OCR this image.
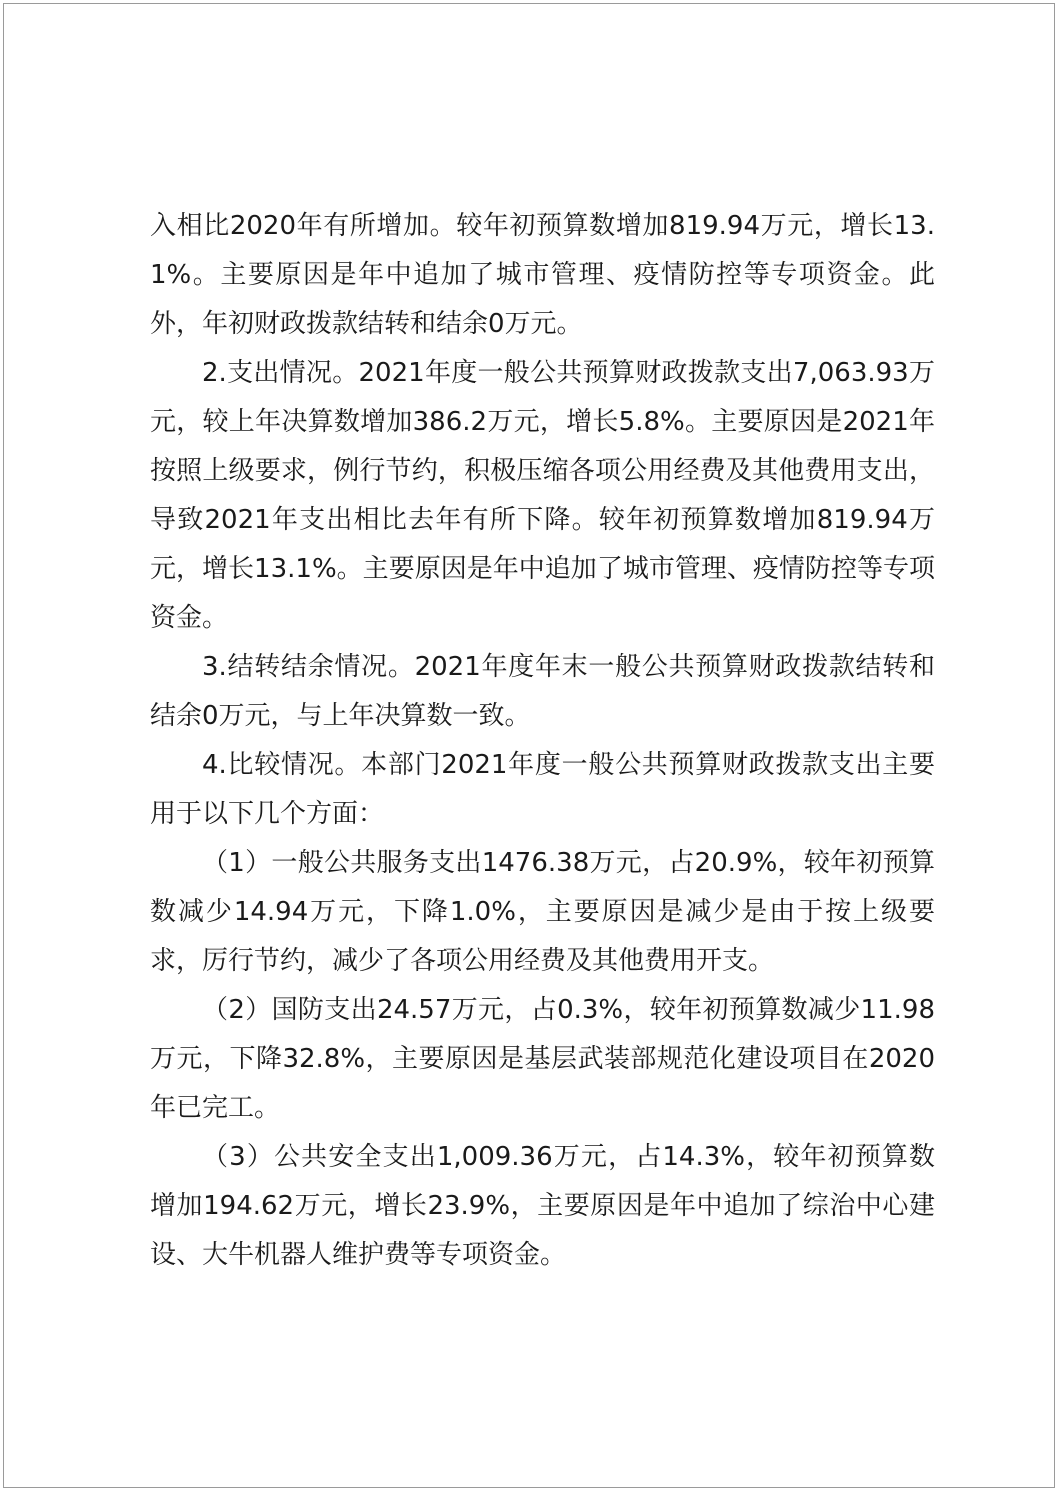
入相比2020年有所增加。较年初预算数增加819.94万元，增长13.1%。主要原因是年中追加了城市管理、疫情防控等专项资金。此外，年初财政拨款结转和结余0万元。

2.支出情况。2021年度一般公共预算财政拨款支出7,063.93万元，较上年决算数增加386.2万元，增长5.8%。主要原因是2021年按照上级要求，例行节约，积极压缩各项公用经费及其他费用支出，导致2021年支出相比去年有所下降。较年初预算数增加819.94万元，增长13.1%。主要原因是年中追加了城市管理、疫情防控等专项资金。

3.结转结余情况。2021年度年末一般公共预算财政拨款结转和结余0万元，与上年决算数一致。

4.比较情况。本部门2021年度一般公共预算财政拨款支出主要用于以下几个方面：

（1）一般公共服务支出1476.38万元，占20.9%，较年初预算数减少14.94万元，下降1.0%，主要原因是减少是由于按上级要求，厉行节约，减少了各项公用经费及其他费用开支。

（2）国防支出24.57万元，占0.3%，较年初预算数减少11.98万元，下降32.8%，主要原因是基层武装部规范化建设项目在2020年已完工。

（3）公共安全支出1,009.36万元，占14.3%，较年初预算数增加194.62万元，增长23.9%，主要原因是年中追加了综治中心建设、大牛机器人维护费等专项资金。
